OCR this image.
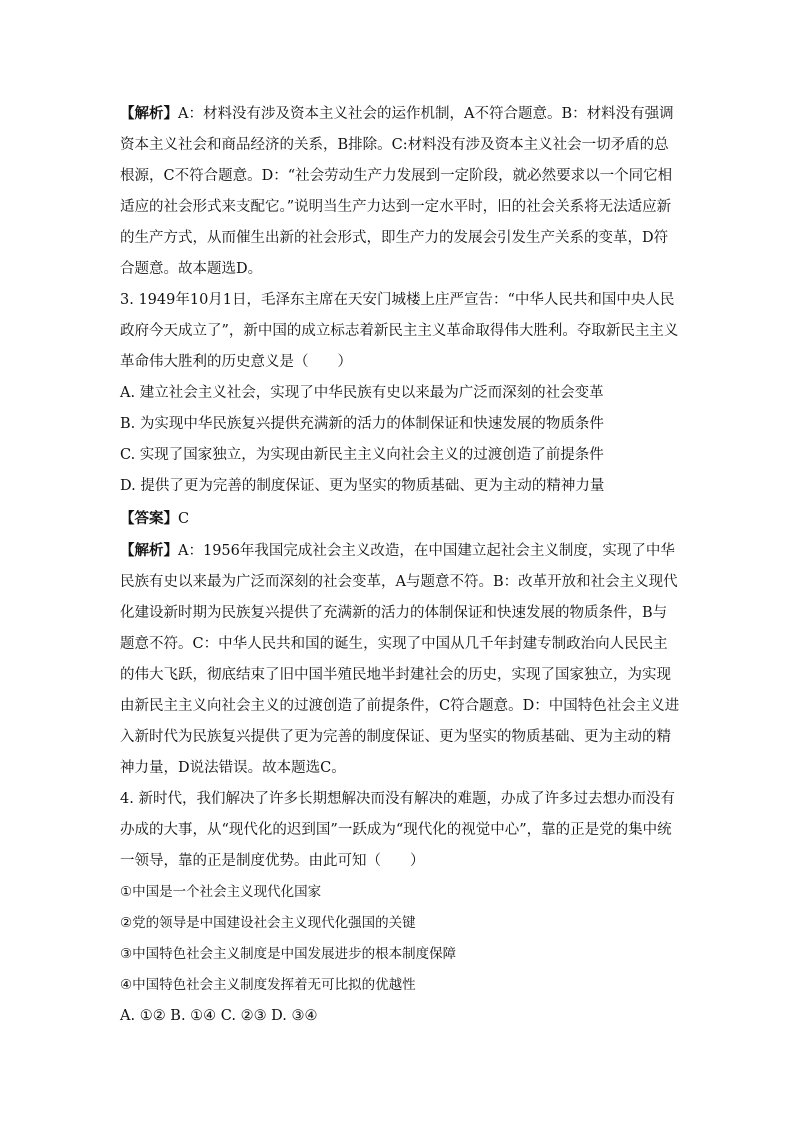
【解析】A：材料没有涉及资本主义社会的运作机制，A不符合题意。B：材料没有强调资本主义社会和商品经济的关系，B排除。C:材料没有涉及资本主义社会一切矛盾的总根源，C不符合题意。D：“社会劳动生产力发展到一定阶段，就必然要求以一个同它相适应的社会形式来支配它。”说明当生产力达到一定水平时，旧的社会关系将无法适应新的生产方式，从而催生出新的社会形式，即生产力的发展会引发生产关系的变革，D符合题意。故本题选D。

3. 1949年10月1日，毛泽东主席在天安门城楼上庄严宣告：“中华人民共和国中央人民政府今天成立了”，新中国的成立标志着新民主主义革命取得伟大胜利。夺取新民主主义革命伟大胜利的历史意义是（　　）

A. 建立社会主义社会，实现了中华民族有史以来最为广泛而深刻的社会变革

B. 为实现中华民族复兴提供充满新的活力的体制保证和快速发展的物质条件

C. 实现了国家独立，为实现由新民主主义向社会主义的过渡创造了前提条件

D. 提供了更为完善的制度保证、更为坚实的物质基础、更为主动的精神力量

【答案】C

【解析】A：1956年我国完成社会主义改造，在中国建立起社会主义制度，实现了中华民族有史以来最为广泛而深刻的社会变革，A与题意不符。B：改革开放和社会主义现代化建设新时期为民族复兴提供了充满新的活力的体制保证和快速发展的物质条件，B与题意不符。C：中华人民共和国的诞生，实现了中国从几千年封建专制政治向人民民主的伟大飞跃，彻底结束了旧中国半殖民地半封建社会的历史，实现了国家独立，为实现由新民主主义向社会主义的过渡创造了前提条件，C符合题意。D：中国特色社会主义进入新时代为民族复兴提供了更为完善的制度保证、更为坚实的物质基础、更为主动的精神力量，D说法错误。故本题选C。

4. 新时代，我们解决了许多长期想解决而没有解决的难题，办成了许多过去想办而没有办成的大事，从“现代化的迟到国”一跃成为“现代化的视觉中心”，靠的正是党的集中统一领导，靠的正是制度优势。由此可知（　　）

①中国是一个社会主义现代化国家

②党的领导是中国建设社会主义现代化强国的关键

③中国特色社会主义制度是中国发展进步的根本制度保障

④中国特色社会主义制度发挥着无可比拟的优越性

A. ①② B. ①④ C. ②③ D. ③④
